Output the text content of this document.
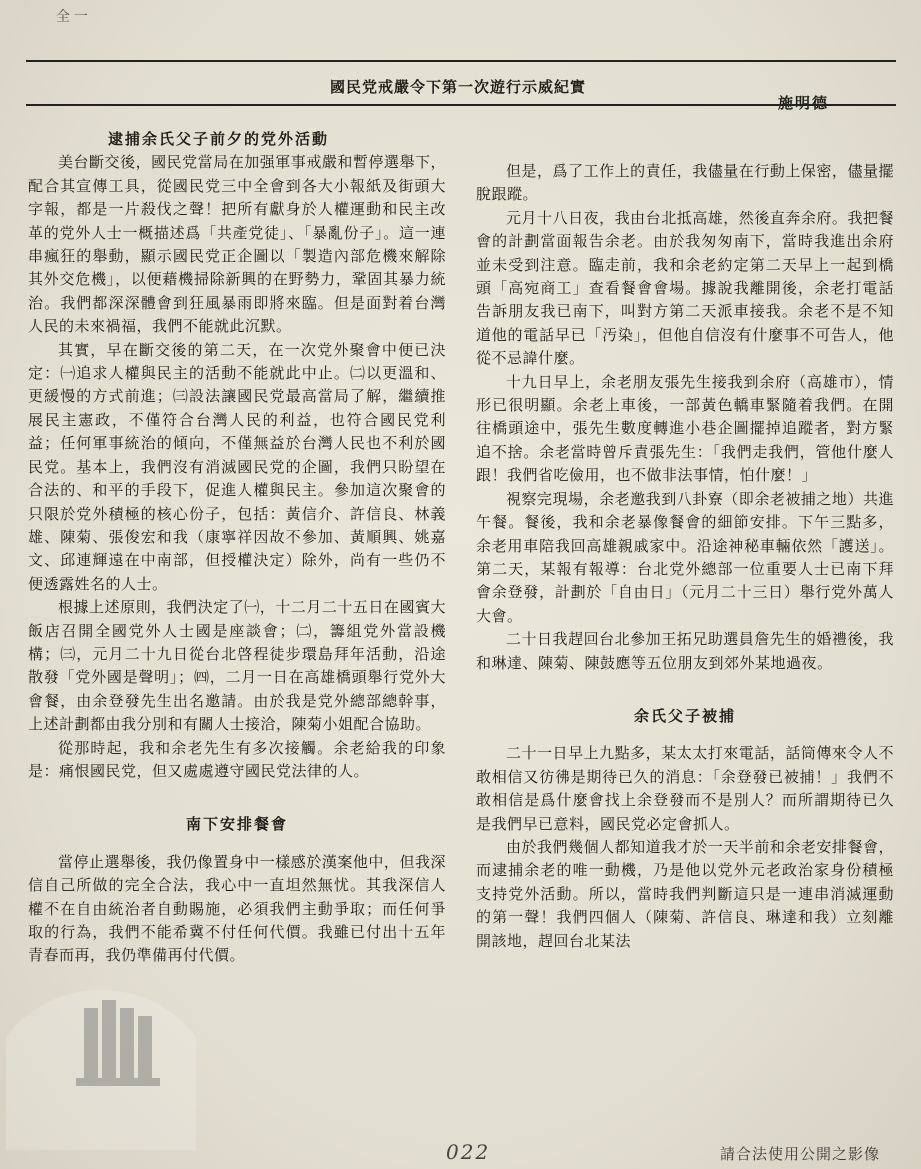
全一
國民党戒嚴令下第一次遊行示威紀實
施明德

逮捕余氏父子前夕的党外活動

美台斷交後，國民党當局在加强軍事戒嚴和暫停選舉下，配合其宣傳工具，從國民党三中全會到各大小報紙及街頭大字報，都是一片殺伐之聲！把所有獻身於人權運動和民主改革的党外人士一概描述爲「共產党徒」、「暴亂份子」。這一連串瘋狂的舉動，顯示國民党正企圖以「製造內部危機來解除其外交危機」，以便藉機掃除新興的在野勢力，鞏固其暴力統治。我們都深深體會到狂風暴雨即將來臨。但是面對着台灣人民的未來禍福，我們不能就此沉默。

其實，早在斷交後的第二天，在一次党外聚會中便已決定：㈠追求人權與民主的活動不能就此中止。㈡以更溫和、更緩慢的方式前進；㈢設法讓國民党最高當局了解，繼續推展民主憲政，不僅符合台灣人民的利益，也符合國民党利益；任何軍事統治的傾向，不僅無益於台灣人民也不利於國民党。基本上，我們沒有消滅國民党的企圖，我們只盼望在合法的、和平的手段下，促進人權與民主。參加這次聚會的只限於党外積極的核心份子，包括：黃信介、許信良、林義雄、陳菊、張俊宏和我（康寧祥因故不參加、黃順興、姚嘉文、邱連輝遠在中南部，但授權決定）除外，尚有一些仍不便透露姓名的人士。

根據上述原則，我們決定了㈠，十二月二十五日在國賓大飯店召開全國党外人士國是座談會；㈡，籌組党外當設機構；㈢，元月二十九日從台北啓程徒步環島拜年活動，沿途散發「党外國是聲明」；㈣，二月一日在高雄橋頭舉行党外大會餐，由余登發先生出名邀請。由於我是党外總部總幹事，上述計劃都由我分別和有關人士接洽，陳菊小姐配合協助。

從那時起，我和余老先生有多次接觸。余老給我的印象是：痛恨國民党，但又處處遵守國民党法律的人。

南下安排餐會

當停止選舉後，我仍像置身中一樣感於漢案他中，但我深信自己所做的完全合法，我心中一直坦然無忧。其我深信人權不在自由統治者自動賜施，必須我們主動爭取；而任何爭取的行為，我們不能希冀不付任何代價。我雖已付出十五年青春而再，我仍準備再付代價。

但是，爲了工作上的責任，我儘量在行動上保密，儘量擺脫跟蹤。

元月十八日夜，我由台北抵高雄，然後直奔余府。我把餐會的計劃當面報告余老。由於我匆匆南下，當時我進出余府並未受到注意。臨走前，我和余老約定第二天早上一起到橋頭「高宛商工」查看餐會會場。據說我離開後，余老打電話告訴朋友我已南下，叫對方第二天派車接我。余老不是不知道他的電話早已「汚染」，但他自信沒有什麼事不可告人，他從不忌諱什麼。

十九日早上，余老朋友張先生接我到余府（高雄市），情形已很明顯。余老上車後，一部黃色轎車緊隨着我們。在開往橋頭途中，張先生數度轉進小巷企圖擺掉追蹤者，對方緊追不捨。余老當時曾斥責張先生：「我們走我們，管他什麼人跟！我們省吃儉用，也不做非法事情，怕什麼！」

視察完現場，余老邀我到八卦寮（即余老被捕之地）共進午餐。餐後，我和余老暴像餐會的細節安排。下午三點多，余老用車陪我回高雄親戚家中。沿途神秘車輛依然「護送」。第二天，某報有報導：台北党外總部一位重要人士已南下拜會余登發，計劃於「自由日」（元月二十三日）舉行党外萬人大會。

二十日我趕回台北參加王拓兄助選員詹先生的婚禮後，我和琳達、陳菊、陳鼓應等五位朋友到郊外某地過夜。

余氏父子被捕

二十一日早上九點多，某太太打來電話，話筒傳來令人不敢相信又彷彿是期待已久的消息：「余登發已被捕！」我們不敢相信是爲什麼會找上余登發而不是別人？而所謂期待已久是我們早已意料，國民党必定會抓人。

由於我們幾個人都知道我才於一天半前和余老安排餐會，而逮捕余老的唯一動機，乃是他以党外元老政治家身份積極支持党外活動。所以，當時我們判斷這只是一連串消滅運動的第一聲！我們四個人（陳菊、許信良、琳達和我）立刻離開該地，趕回台北某法

022	請合法使用公開之影像
